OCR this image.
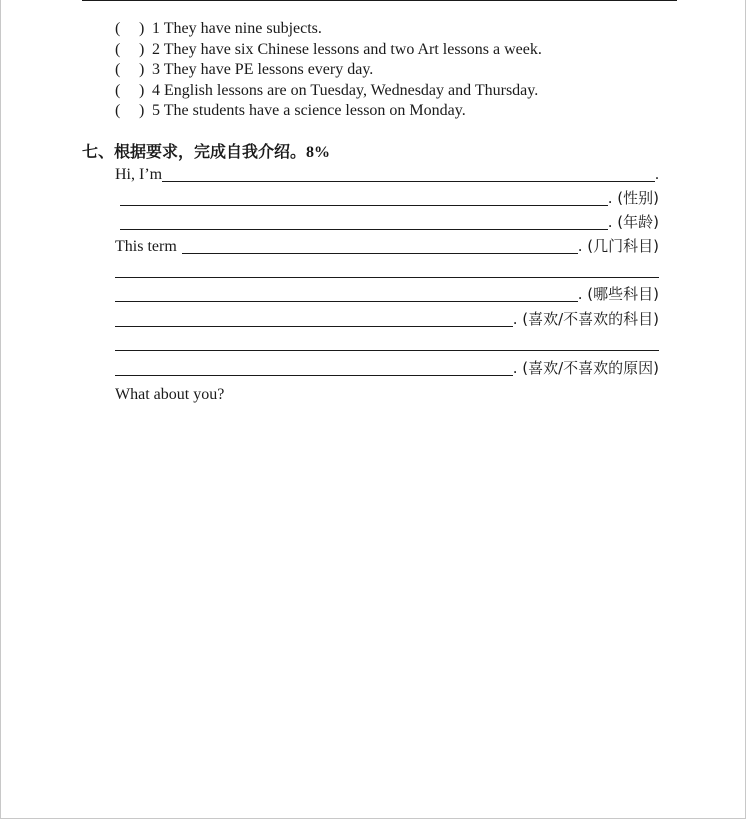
( ) 1 They have nine subjects.
( ) 2 They have six Chinese lessons and two Art lessons a week.
( ) 3 They have PE lessons every day.
( ) 4 English lessons are on Tuesday, Wednesday and Thursday.
( ) 5 The students have a science lesson on Monday.
七、根据要求，完成自我介绍。8%
Hi, I’m	.
. (性别)
. (年龄)
This term	. (几门科目)
. (哪些科目)
. (喜欢/不喜欢的科目)
. (喜欢/不喜欢的原因)
What about you?
